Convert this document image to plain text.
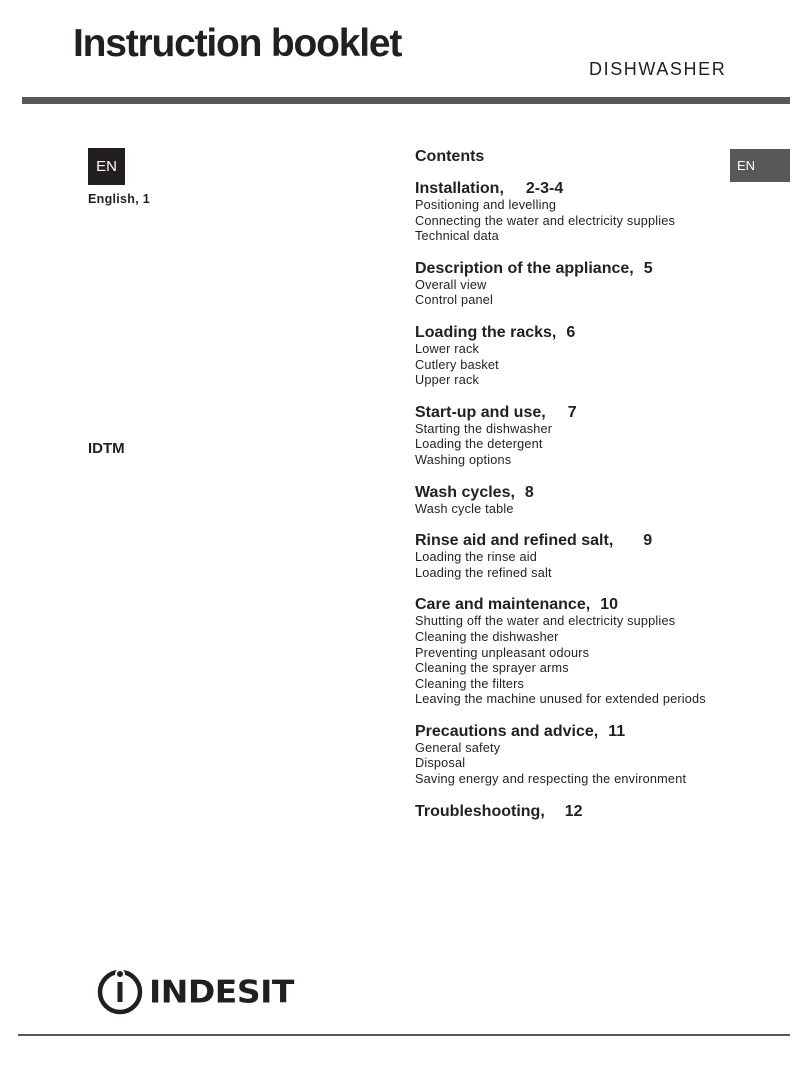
Instruction booklet
DISHWASHER
EN
English, 1
IDTM
EN
Contents
Installation, 2-3-4
Positioning and levelling
Connecting the water and electricity supplies
Technical data
Description of the appliance, 5
Overall view
Control panel
Loading the racks, 6
Lower rack
Cutlery basket
Upper rack
Start-up and use, 7
Starting the dishwasher
Loading the detergent
Washing options
Wash cycles, 8
Wash cycle table
Rinse aid and refined salt, 9
Loading the rinse aid
Loading the refined salt
Care and maintenance, 10
Shutting off the water and electricity supplies
Cleaning the dishwasher
Preventing unpleasant odours
Cleaning the sprayer arms
Cleaning the filters
Leaving the machine unused for extended periods
Precautions and advice, 11
General safety
Disposal
Saving energy and respecting the environment
Troubleshooting, 12
INDESIT
